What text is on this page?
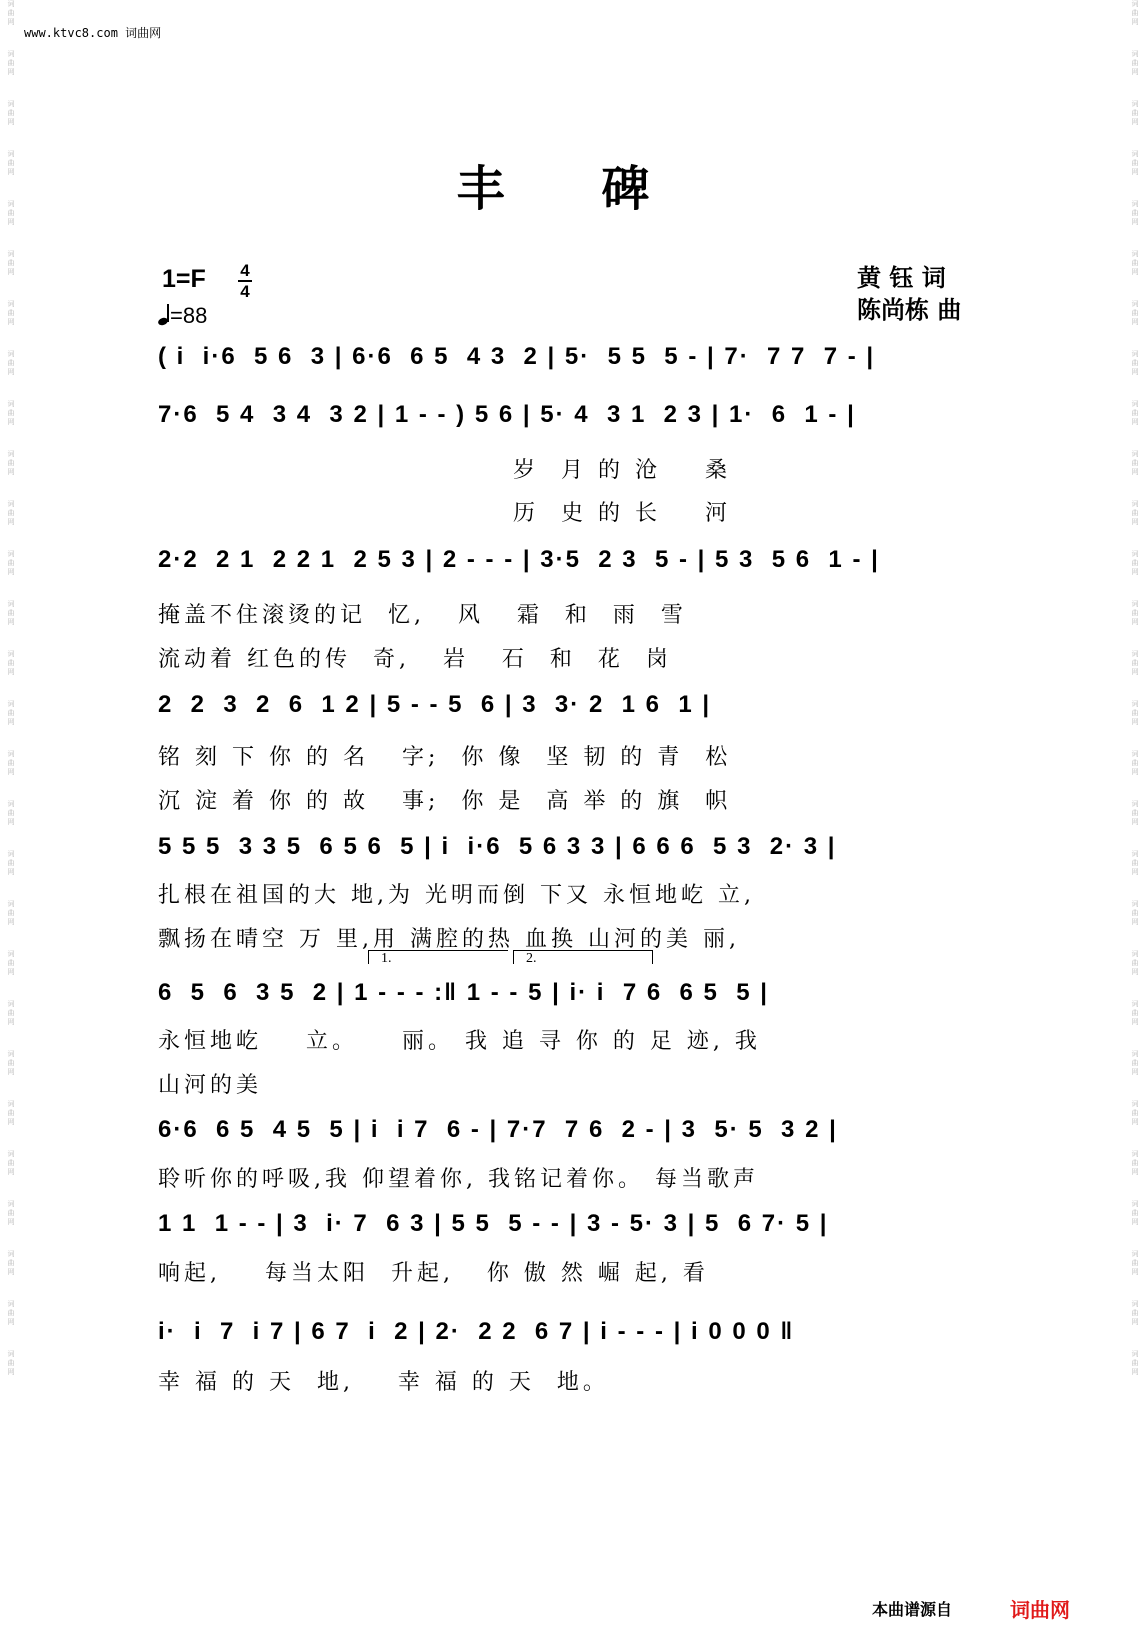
词曲网
词曲网
词曲网
词曲网
词曲网
词曲网
词曲网
词曲网
词曲网
词曲网
词曲网
词曲网
词曲网
词曲网
词曲网
词曲网
词曲网
词曲网
词曲网
词曲网
词曲网
词曲网
词曲网
词曲网
词曲网
词曲网
词曲网
词曲网
词曲网
词曲网
词曲网
词曲网
词曲网
词曲网
词曲网
词曲网
词曲网
词曲网
词曲网
词曲网
词曲网
词曲网
词曲网
词曲网
词曲网
词曲网
词曲网
词曲网
词曲网
词曲网
词曲网
词曲网
词曲网
词曲网
词曲网
词曲网
www.ktvc8.com 词曲网
丰 碑
1=F 4
4
=88
黄 钰 词
陈尚栋 曲
( i  i·6  5 6  3 | 6·6  6 5  4 3  2 | 5·  5 5  5 - | 7·  7 7  7 - |
7·6  5 4  3 4  3 2 | 1 - - ) 5 6 | 5· 4  3 1  2 3 | 1·  6  1 - |
岁  月 的 沧    桑
历  史 的 长    河
2·2  2 1  2 2 1  2 5 3 | 2 - - - | 3·5  2 3  5 - | 5 3  5 6  1 - |
掩盖不住滚烫的记  忆,   风   霜  和  雨  雪
流动着 红色的传  奇,   岩   石  和  花  岗
2  2  3  2  6  1 2 | 5 - - 5  6 | 3  3· 2  1 6  1 |
铭 刻 下 你 的 名   字;  你 像  坚 韧 的 青  松
沉 淀 着 你 的 故   事;  你 是  高 举 的 旗  帜
5 5 5  3 3 5  6 5 6  5 | i  i·6  5 6 3 3 | 6 6 6  5 3  2· 3 |
扎根在祖国的大 地,为 光明而倒 下又 永恒地屹 立,
飘扬在晴空 万 里,用 满腔的热 血换 山河的美 丽,
1.	2.
6  5  6  3 5  2 | 1 - - - :‖ 1 - - 5 | i· i  7 6  6 5  5 |
永恒地屹    立。    丽。 我 追 寻 你 的 足 迹, 我
山河的美
6·6  6 5  4 5  5 | i  i 7  6 - | 7·7  7 6  2 - | 3  5· 5  3 2 |
聆听你的呼吸,我 仰望着你, 我铭记着你。 每当歌声
1 1  1 - - | 3  i· 7  6 3 | 5 5  5 - - | 3 - 5· 3 | 5  6 7· 5 |
响起,    每当太阳  升起,   你 傲 然 崛 起, 看
i·  i  7  i 7 | 6 7  i  2 | 2·  2 2  6 7 | i - - - | i 0 0 0 ‖
幸 福 的 天  地,    幸 福 的 天  地。
本曲谱源自	词曲网
